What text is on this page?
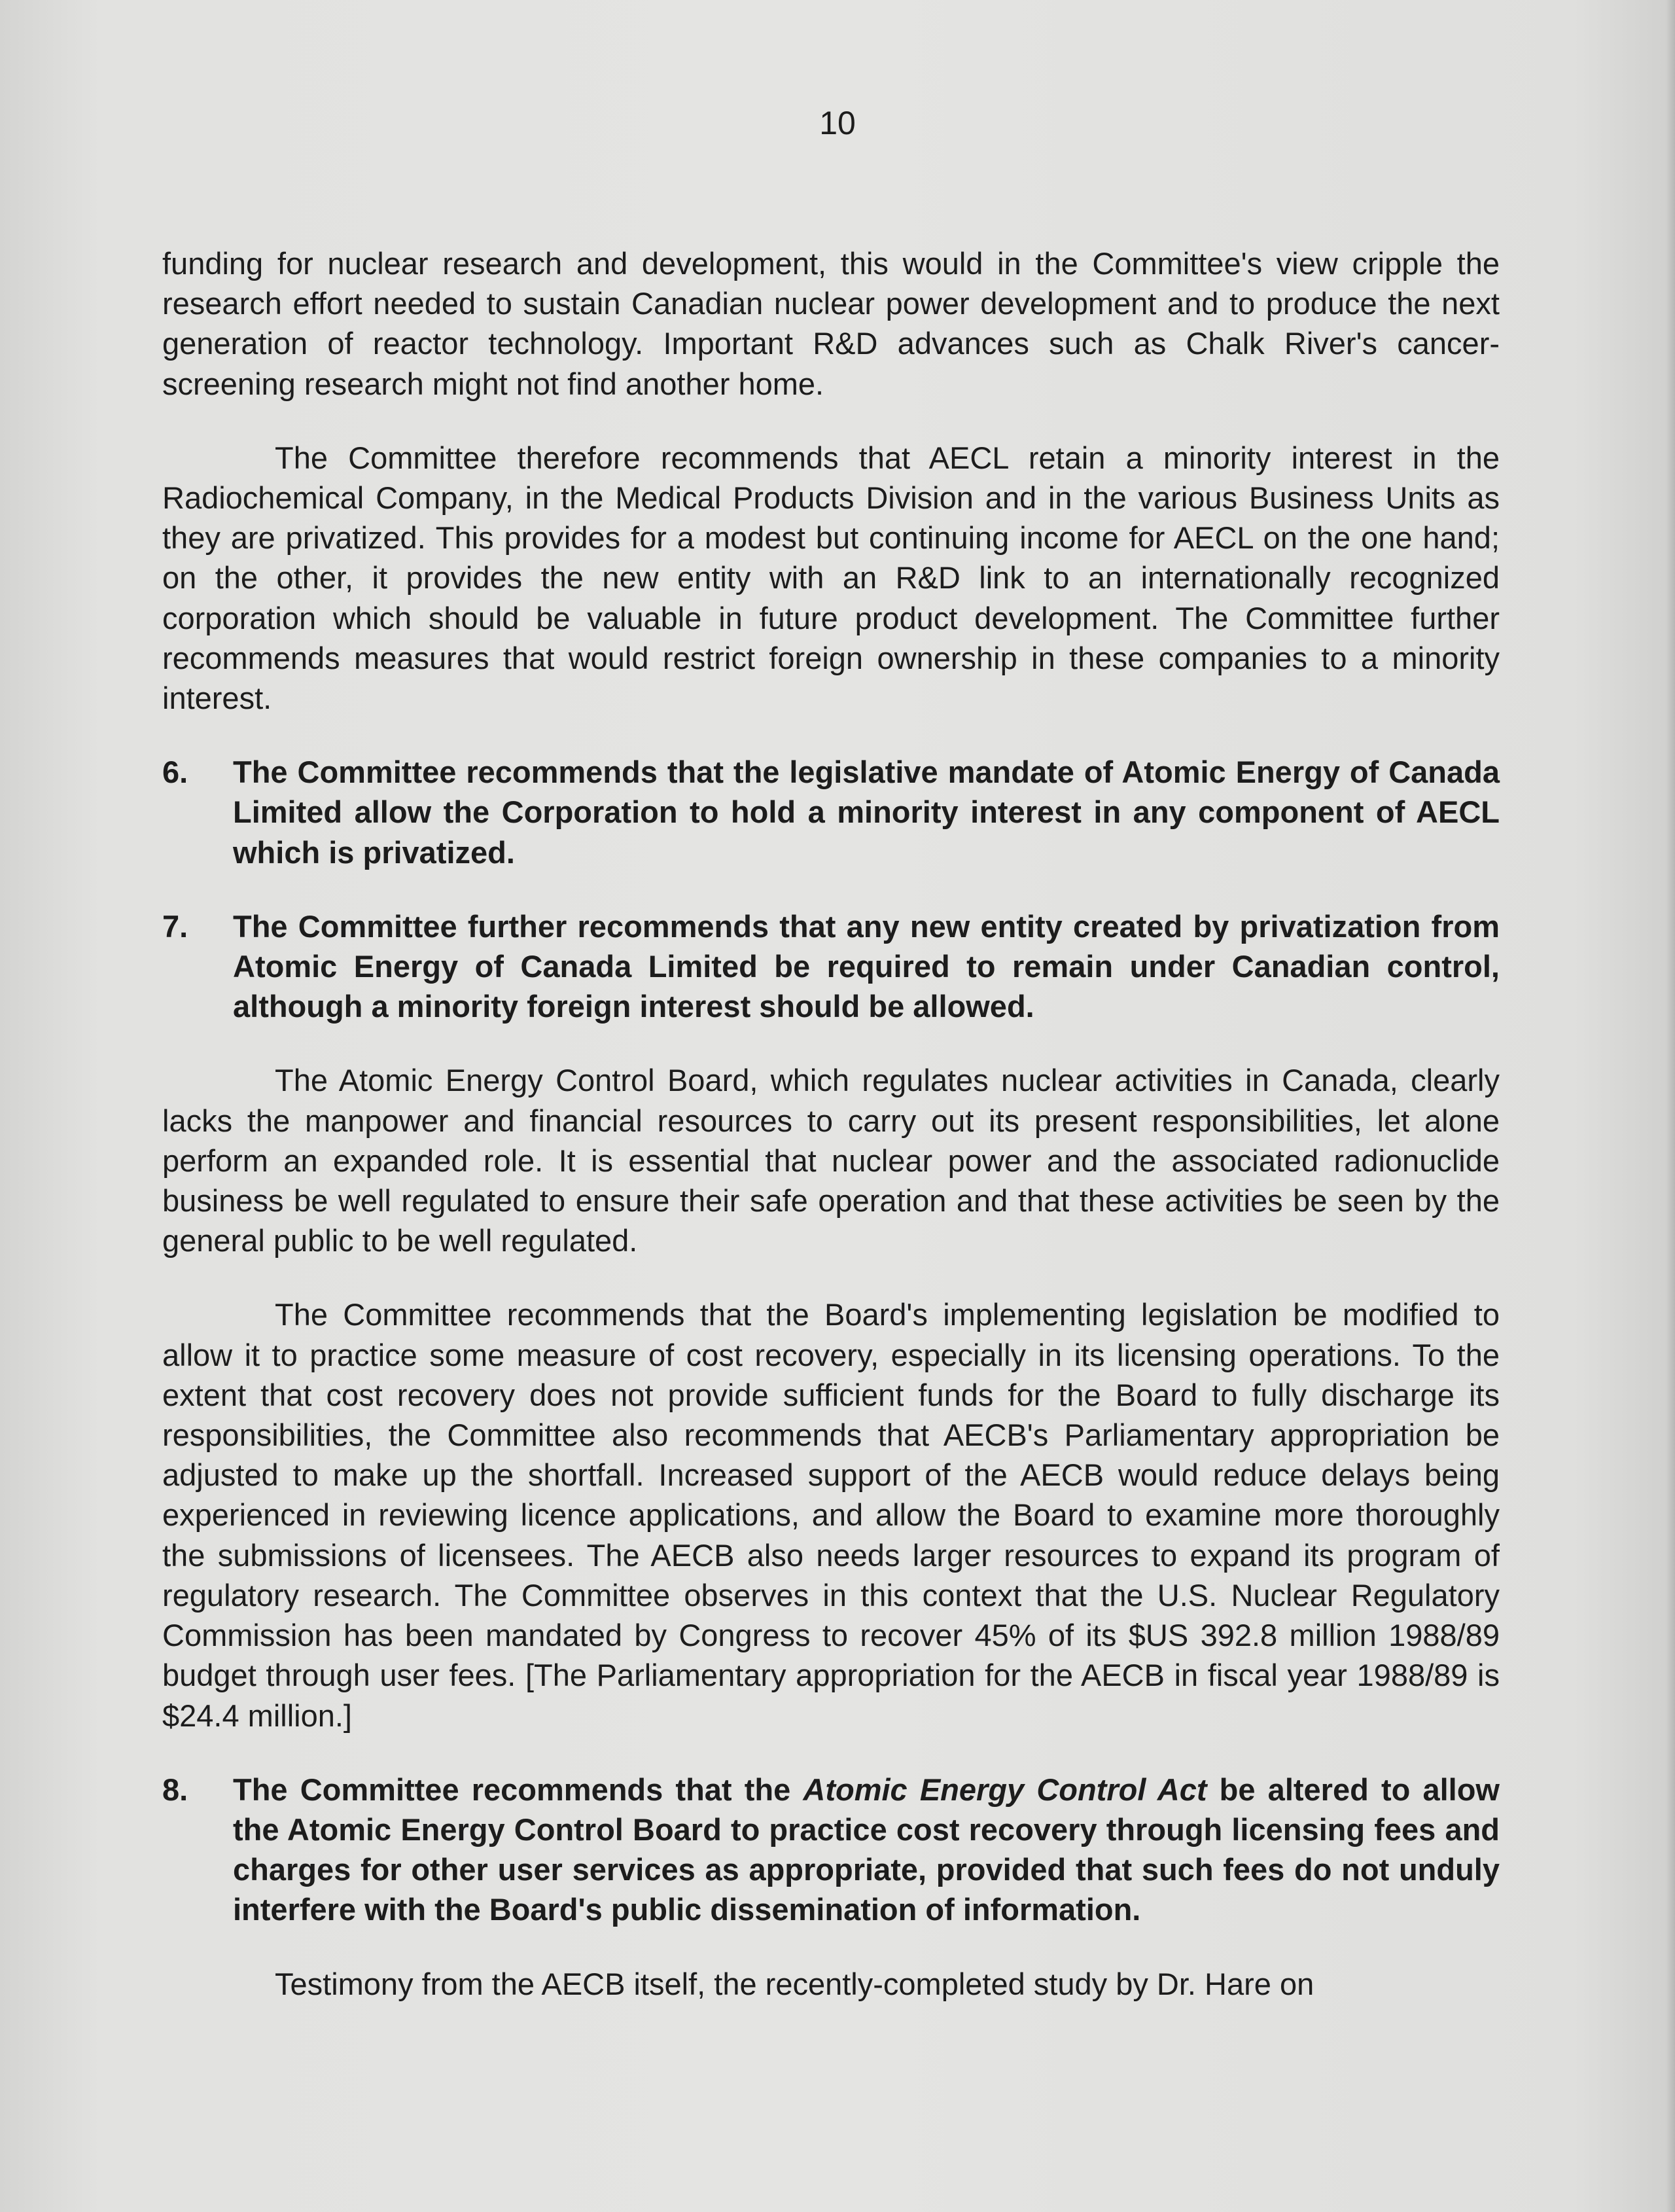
10

funding for nuclear research and development, this would in the Committee's view cripple the research effort needed to sustain Canadian nuclear power development and to produce the next generation of reactor technology. Important R&D advances such as Chalk River's cancer-screening research might not find another home.

The Committee therefore recommends that AECL retain a minority interest in the Radiochemical Company, in the Medical Products Division and in the various Business Units as they are privatized. This provides for a modest but continuing income for AECL on the one hand; on the other, it provides the new entity with an R&D link to an internationally recognized corporation which should be valuable in future product development. The Committee further recommends measures that would restrict foreign ownership in these companies to a minority interest.

6.	The Committee recommends that the legislative mandate of Atomic Energy of Canada Limited allow the Corporation to hold a minority interest in any component of AECL which is privatized.
7.	The Committee further recommends that any new entity created by privatization from Atomic Energy of Canada Limited be required to remain under Canadian control, although a minority foreign interest should be allowed.

The Atomic Energy Control Board, which regulates nuclear activities in Canada, clearly lacks the manpower and financial resources to carry out its present responsibilities, let alone perform an expanded role. It is essential that nuclear power and the associated radionuclide business be well regulated to ensure their safe operation and that these activities be seen by the general public to be well regulated.

The Committee recommends that the Board's implementing legislation be modified to allow it to practice some measure of cost recovery, especially in its licensing operations. To the extent that cost recovery does not provide sufficient funds for the Board to fully discharge its responsibilities, the Committee also recommends that AECB's Parliamentary appropriation be adjusted to make up the shortfall. Increased support of the AECB would reduce delays being experienced in reviewing licence applications, and allow the Board to examine more thoroughly the submissions of licensees. The AECB also needs larger resources to expand its program of regulatory research. The Committee observes in this context that the U.S. Nuclear Regulatory Commission has been mandated by Congress to recover 45% of its $US 392.8 million 1988/89 budget through user fees. [The Parliamentary appropriation for the AECB in fiscal year 1988/89 is $24.4 million.]

8.	The Committee recommends that the Atomic Energy Control Act be altered to allow the Atomic Energy Control Board to practice cost recovery through licensing fees and charges for other user services as appropriate, provided that such fees do not unduly interfere with the Board's public dissemination of information.

Testimony from the AECB itself, the recently-completed study by Dr. Hare on
